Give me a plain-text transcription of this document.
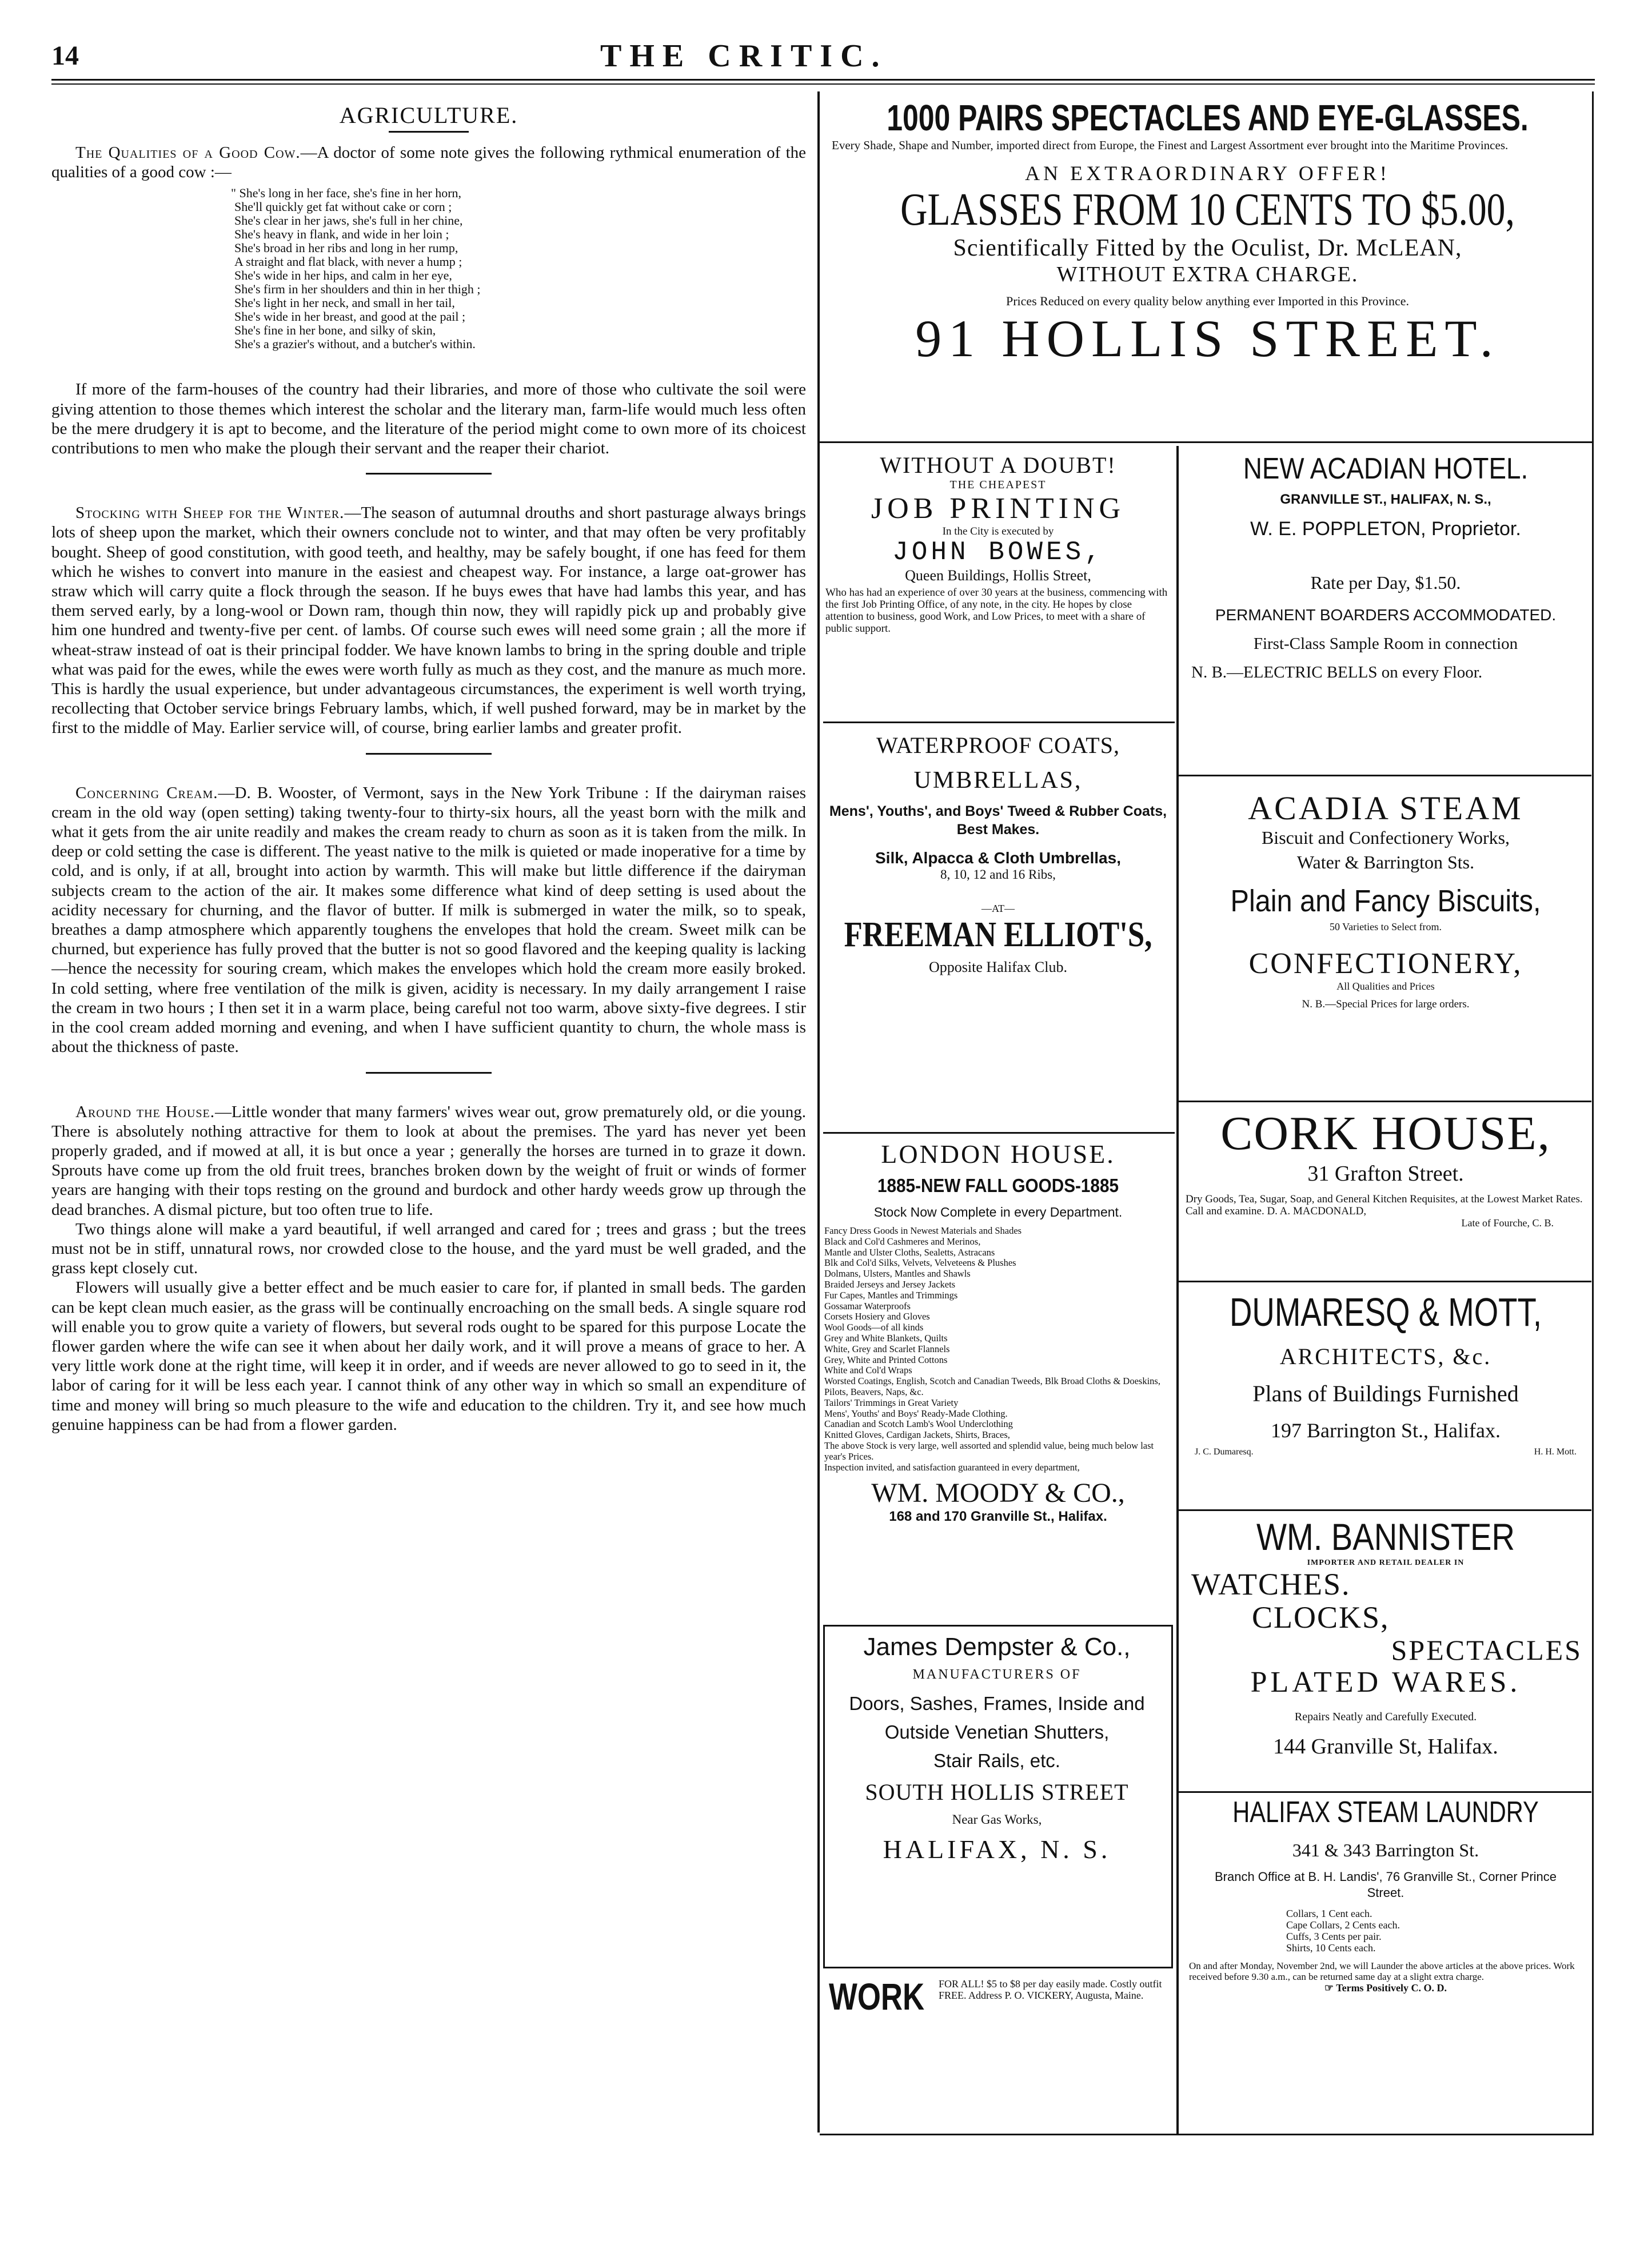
14	THE CRITIC.
AGRICULTURE.

The Qualities of a Good Cow.—A doctor of some note gives the following rythmical enumeration of the qualities of a good cow :—

" She's long in her face, she's fine in her horn,
She'll quickly get fat without cake or corn ;
She's clear in her jaws, she's full in her chine,
She's heavy in flank, and wide in her loin ;
She's broad in her ribs and long in her rump,
A straight and flat black, with never a hump ;
She's wide in her hips, and calm in her eye,
She's firm in her shoulders and thin in her thigh ;
She's light in her neck, and small in her tail,
She's wide in her breast, and good at the pail ;
She's fine in her bone, and silky of skin,
She's a grazier's without, and a butcher's within.

If more of the farm-houses of the country had their libraries, and more of those who cultivate the soil were giving attention to those themes which interest the scholar and the literary man, farm-life would much less often be the mere drudgery it is apt to become, and the literature of the period might come to own more of its choicest contributions to men who make the plough their servant and the reaper their chariot.

Stocking with Sheep for the Winter.—The season of autumnal drouths and short pasturage always brings lots of sheep upon the market, which their owners conclude not to winter, and that may often be very profitably bought. Sheep of good constitution, with good teeth, and healthy, may be safely bought, if one has feed for them which he wishes to convert into manure in the easiest and cheapest way. For instance, a large oat-grower has straw which will carry quite a flock through the season. If he buys ewes that have had lambs this year, and has them served early, by a long-wool or Down ram, though thin now, they will rapidly pick up and probably give him one hundred and twenty-five per cent. of lambs. Of course such ewes will need some grain ; all the more if wheat-straw instead of oat is their principal fodder. We have known lambs to bring in the spring double and triple what was paid for the ewes, while the ewes were worth fully as much as they cost, and the manure as much more. This is hardly the usual experience, but under advantageous circumstances, the experiment is well worth trying, recollecting that October service brings February lambs, which, if well pushed forward, may be in market by the first to the middle of May. Earlier service will, of course, bring earlier lambs and greater profit.

Concerning Cream.—D. B. Wooster, of Vermont, says in the New York Tribune : If the dairyman raises cream in the old way (open setting) taking twenty-four to thirty-six hours, all the yeast born with the milk and what it gets from the air unite readily and makes the cream ready to churn as soon as it is taken from the milk. In deep or cold setting the case is different. The yeast native to the milk is quieted or made inoperative for a time by cold, and is only, if at all, brought into action by warmth. This will make but little difference if the dairyman subjects cream to the action of the air. It makes some difference what kind of deep setting is used about the acidity necessary for churning, and the flavor of butter. If milk is submerged in water the milk, so to speak, breathes a damp atmosphere which apparently toughens the envelopes that hold the cream. Sweet milk can be churned, but experience has fully proved that the butter is not so good flavored and the keeping quality is lacking—hence the necessity for souring cream, which makes the envelopes which hold the cream more easily broked. In cold setting, where free ventilation of the milk is given, acidity is necessary. In my daily arrangement I raise the cream in two hours ; I then set it in a warm place, being careful not too warm, above sixty-five degrees. I stir in the cool cream added morning and evening, and when I have sufficient quantity to churn, the whole mass is about the thickness of paste.

Around the House.—Little wonder that many farmers' wives wear out, grow prematurely old, or die young. There is absolutely nothing attractive for them to look at about the premises. The yard has never yet been properly graded, and if mowed at all, it is but once a year ; generally the horses are turned in to graze it down. Sprouts have come up from the old fruit trees, branches broken down by the weight of fruit or winds of former years are hanging with their tops resting on the ground and burdock and other hardy weeds grow up through the dead branches. A dismal picture, but too often true to life.

Two things alone will make a yard beautiful, if well arranged and cared for ; trees and grass ; but the trees must not be in stiff, unnatural rows, nor crowded close to the house, and the yard must be well graded, and the grass kept closely cut.

Flowers will usually give a better effect and be much easier to care for, if planted in small beds. The garden can be kept clean much easier, as the grass will be continually encroaching on the small beds. A single square rod will enable you to grow quite a variety of flowers, but several rods ought to be spared for this purpose Locate the flower garden where the wife can see it when about her daily work, and it will prove a means of grace to her. A very little work done at the right time, will keep it in order, and if weeds are never allowed to go to seed in it, the labor of caring for it will be less each year. I cannot think of any other way in which so small an expenditure of time and money will bring so much pleasure to the wife and education to the children. Try it, and see how much genuine happiness can be had from a flower garden.

1000 PAIRS SPECTACLES AND EYE-GLASSES.
Every Shade, Shape and Number, imported direct from Europe, the Finest and Largest Assortment ever brought into the Maritime Provinces.
AN EXTRAORDINARY OFFER!
GLASSES FROM 10 CENTS TO $5.00,
Scientifically Fitted by the Oculist, Dr. McLEAN,
WITHOUT EXTRA CHARGE.
Prices Reduced on every quality below anything ever Imported in this Province.
91 HOLLIS STREET.
WITHOUT A DOUBT!
THE CHEAPEST
JOB PRINTING
In the City is executed by
JOHN BOWES,
Queen Buildings, Hollis Street,
Who has had an experience of over 30 years at the business, commencing with the first Job Printing Office, of any note, in the city. He hopes by close attention to business, good Work, and Low Prices, to meet with a share of public support.
WATERPROOF COATS,
UMBRELLAS,
Mens', Youths', and Boys' Tweed & Rubber Coats, Best Makes.
Silk, Alpacca & Cloth Umbrellas,
8, 10, 12 and 16 Ribs,
—AT—
FREEMAN ELLIOT'S,
Opposite Halifax Club.
LONDON HOUSE.
1885-NEW FALL GOODS-1885
Stock Now Complete in every Department.
Fancy Dress Goods in Newest Materials and Shades
Black and Col'd Cashmeres and Merinos,
Mantle and Ulster Cloths, Sealetts, Astracans
Blk and Col'd Silks, Velvets, Velveteens & Plushes
Dolmans, Ulsters, Mantles and Shawls
Braided Jerseys and Jersey Jackets
Fur Capes, Mantles and Trimmings
Gossamar Waterproofs
Corsets Hosiery and Gloves
Wool Goods—of all kinds
Grey and White Blankets, Quilts
White, Grey and Scarlet Flannels
Grey, White and Printed Cottons
White and Col'd Wraps
Worsted Coatings, English, Scotch and Canadian Tweeds, Blk Broad Cloths & Doeskins, Pilots, Beavers, Naps, &c.
Tailors' Trimmings in Great Variety
Mens', Youths' and Boys' Ready-Made Clothing.
Canadian and Scotch Lamb's Wool Underclothing
Knitted Gloves, Cardigan Jackets, Shirts, Braces,
The above Stock is very large, well assorted and splendid value, being much below last year's Prices.
Inspection invited, and satisfaction guaranteed in every department,
WM. MOODY & CO.,
168 and 170 Granville St., Halifax.
James Dempster & Co.,
MANUFACTURERS OF
Doors, Sashes, Frames, Inside and
Outside Venetian Shutters,
Stair Rails, etc.
SOUTH HOLLIS STREET
Near Gas Works,
HALIFAX, N. S.
WORK FOR ALL! $5 to $8 per day easily made. Costly outfit FREE. Address P. O. VICKERY, Augusta, Maine.
NEW ACADIAN HOTEL.
GRANVILLE ST., HALIFAX, N. S.,
W. E. POPPLETON, Proprietor.
Rate per Day, $1.50.
PERMANENT BOARDERS ACCOMMODATED.
First-Class Sample Room in connection
N. B.—ELECTRIC BELLS on every Floor.
ACADIA STEAM
Biscuit and Confectionery Works,
Water & Barrington Sts.
Plain and Fancy Biscuits,
50 Varieties to Select from.
CONFECTIONERY,
All Qualities and Prices
N. B.—Special Prices for large orders.
CORK HOUSE,
31 Grafton Street.
Dry Goods, Tea, Sugar, Soap, and General Kitchen Requisites, at the Lowest Market Rates. Call and examine. D. A. MACDONALD,
Late of Fourche, C. B.
DUMARESQ & MOTT,
ARCHITECTS, &c.
Plans of Buildings Furnished
197 Barrington St., Halifax.
J. C. Dumaresq.	H. H. Mott.
WM. BANNISTER
IMPORTER AND RETAIL DEALER IN
WATCHES.
CLOCKS,
SPECTACLES
PLATED WARES.
Repairs Neatly and Carefully Executed.
144 Granville St, Halifax.
HALIFAX STEAM LAUNDRY
341 & 343 Barrington St.
Branch Office at B. H. Landis', 76 Granville St., Corner Prince Street.
Collars, 1 Cent each.
Cape Collars, 2 Cents each.
Cuffs, 3 Cents per pair.
Shirts, 10 Cents each.
On and after Monday, November 2nd, we will Launder the above articles at the above prices. Work received before 9.30 a.m., can be returned same day at a slight extra charge.
☞ Terms Positively C. O. D.
